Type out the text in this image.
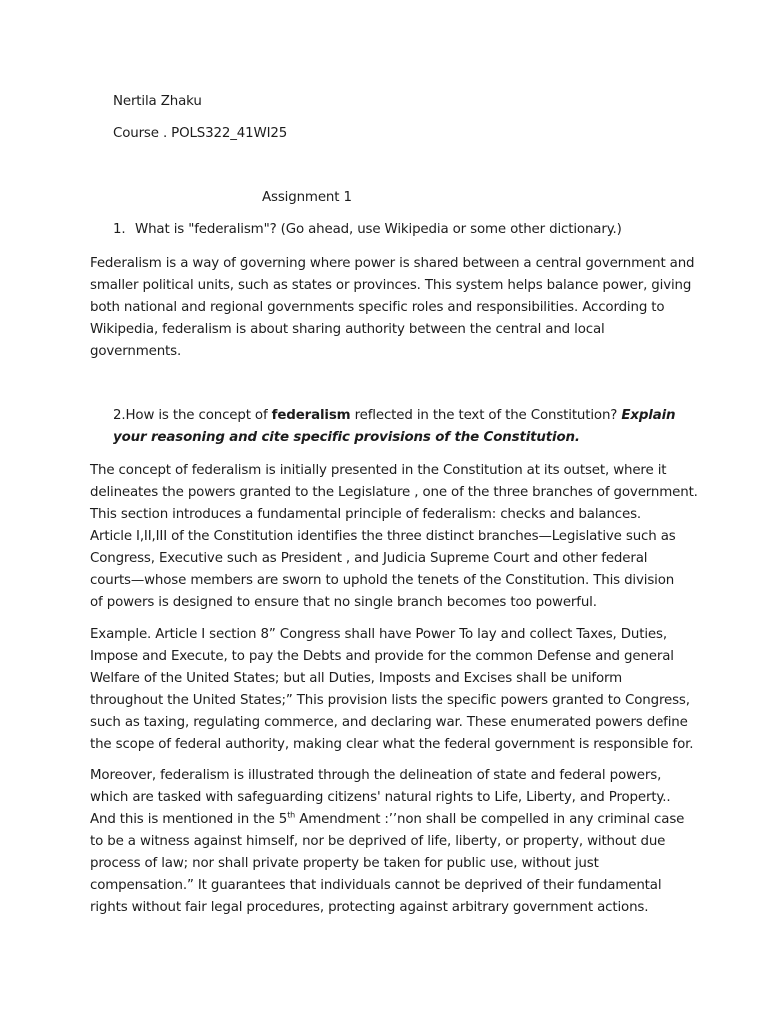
Nertila Zhaku
Course . POLS322_41WI25
Assignment 1
1. What is "federalism"? (Go ahead, use Wikipedia or some other dictionary.)
Federalism is a way of governing where power is shared between a central government and
smaller political units, such as states or provinces. This system helps balance power, giving
both national and regional governments specific roles and responsibilities. According to
Wikipedia, federalism is about sharing authority between the central and local
governments.
2.How is the concept of federalism reflected in the text of the Constitution? Explain
your reasoning and cite specific provisions of the Constitution.
The concept of federalism is initially presented in the Constitution at its outset, where it
delineates the powers granted to the Legislature , one of the three branches of government.
This section introduces a fundamental principle of federalism: checks and balances.
Article I,II,III of the Constitution identifies the three distinct branches—Legislative such as
Congress, Executive such as President , and Judicia Supreme Court and other federal
courts—whose members are sworn to uphold the tenets of the Constitution. This division
of powers is designed to ensure that no single branch becomes too powerful.
Example. Article I section 8” Congress shall have Power To lay and collect Taxes, Duties,
Impose and Execute, to pay the Debts and provide for the common Defense and general
Welfare of the United States; but all Duties, Imposts and Excises shall be uniform
throughout the United States;” This provision lists the specific powers granted to Congress,
such as taxing, regulating commerce, and declaring war. These enumerated powers define
the scope of federal authority, making clear what the federal government is responsible for.
Moreover, federalism is illustrated through the delineation of state and federal powers,
which are tasked with safeguarding citizens' natural rights to Life, Liberty, and Property..
And this is mentioned in the 5th Amendment :’’non shall be compelled in any criminal case
to be a witness against himself, nor be deprived of life, liberty, or property, without due
process of law; nor shall private property be taken for public use, without just
compensation.” It guarantees that individuals cannot be deprived of their fundamental
rights without fair legal procedures, protecting against arbitrary government actions.
